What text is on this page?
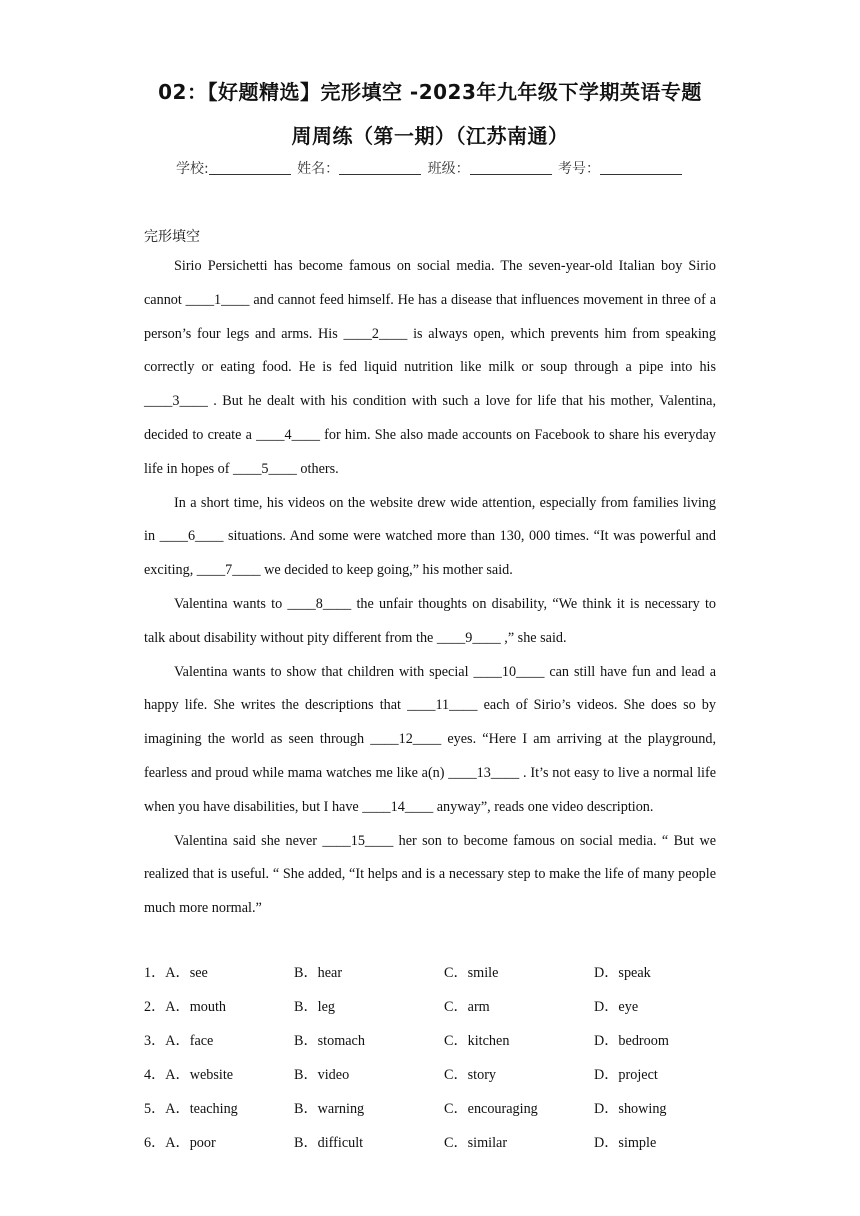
02：【好题精选】完形填空 -2023年九年级下学期英语专题
周周练（第一期）（江苏南通）
学校:	姓名：	班级：	考号：
完形填空

Sirio Persichetti has become famous on social media. The seven-year-old Italian boy Sirio cannot ____1____ and cannot feed himself. He has a disease that influences movement in three of a person’s four legs and arms. His ____2____ is always open, which prevents him from speaking correctly or eating food. He is fed liquid nutrition like milk or soup through a pipe into his ____3____ . But he dealt with his condition with such a love for life that his mother, Valentina, decided to create a ____4____ for him. She also made accounts on Facebook to share his everyday life in hopes of ____5____ others.

In a short time, his videos on the website drew wide attention, especially from families living in ____6____ situations. And some were watched more than 130, 000 times. “It was powerful and exciting, ____7____ we decided to keep going,” his mother said.

Valentina wants to ____8____ the unfair thoughts on disability, “We think it is necessary to talk about disability without pity different from the ____9____ ,” she said.

Valentina wants to show that children with special ____10____ can still have fun and lead a happy life. She writes the descriptions that ____11____ each of Sirio’s videos. She does so by imagining the world as seen through ____12____ eyes. “Here I am arriving at the playground, fearless and proud while mama watches me like a(n) ____13____ . It’s not easy to live a normal life when you have disabilities, but I have ____14____ anyway”, reads one video description.

Valentina said she never ____15____ her son to become famous on social media. “ But we realized that is useful. “ She added, “It helps and is a necessary step to make the life of many people much more normal.”

1．A．see	B．hear	C．smile	D．speak
2．A．mouth	B．leg	C．arm	D．eye
3．A．face	B．stomach	C．kitchen	D．bedroom
4．A．website	B．video	C．story	D．project
5．A．teaching	B．warning	C．encouraging	D．showing
6．A．poor	B．difficult	C．similar	D．simple
